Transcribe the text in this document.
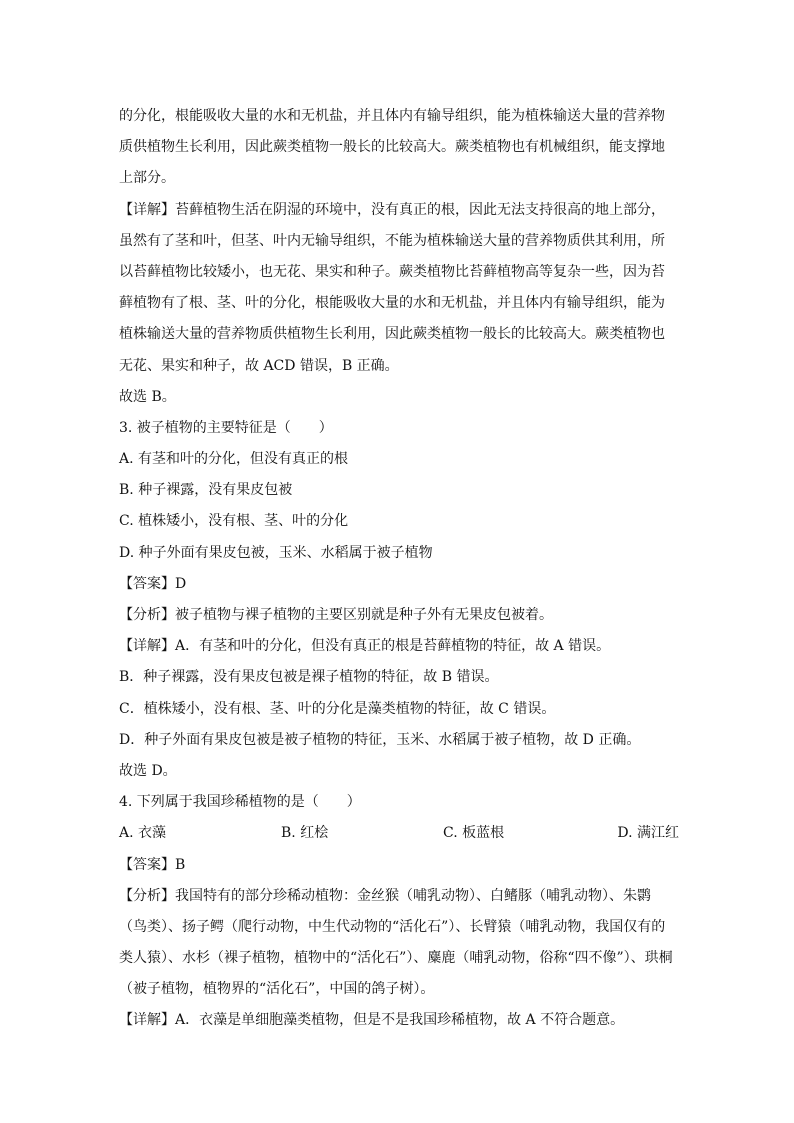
的分化，根能吸收大量的水和无机盐，并且体内有输导组织，能为植株输送大量的营养物
质供植物生长利用，因此蕨类植物一般长的比较高大。蕨类植物也有机械组织，能支撑地
上部分。
【详解】苔藓植物生活在阴湿的环境中，没有真正的根，因此无法支持很高的地上部分，
虽然有了茎和叶，但茎、叶内无输导组织，不能为植株输送大量的营养物质供其利用，所
以苔藓植物比较矮小，也无花、果实和种子。蕨类植物比苔藓植物高等复杂一些，因为苔
藓植物有了根、茎、叶的分化，根能吸收大量的水和无机盐，并且体内有输导组织，能为
植株输送大量的营养物质供植物生长利用，因此蕨类植物一般长的比较高大。蕨类植物也
无花、果实和种子，故 ACD 错误，B 正确。
故选 B。
3. 被子植物的主要特征是（　　）
A. 有茎和叶的分化，但没有真正的根
B. 种子裸露，没有果皮包被
C. 植株矮小，没有根、茎、叶的分化
D. 种子外面有果皮包被，玉米、水稻属于被子植物
【答案】D
【分析】被子植物与裸子植物的主要区别就是种子外有无果皮包被着。
【详解】A．有茎和叶的分化，但没有真正的根是苔藓植物的特征，故 A 错误。
B．种子裸露，没有果皮包被是裸子植物的特征，故 B 错误。
C．植株矮小，没有根、茎、叶的分化是藻类植物的特征，故 C 错误。
D．种子外面有果皮包被是被子植物的特征，玉米、水稻属于被子植物，故 D 正确。
故选 D。
4. 下列属于我国珍稀植物的是（　　）
A. 衣藻	B. 红桧	C. 板蓝根	D. 满江红
【答案】B
【分析】我国特有的部分珍稀动植物：金丝猴（哺乳动物）、白鳍豚（哺乳动物）、朱鹮
（鸟类）、扬子鳄（爬行动物，中生代动物的“活化石”）、长臂猿（哺乳动物，我国仅有的
类人猿）、水杉（裸子植物，植物中的“活化石”）、麋鹿（哺乳动物，俗称“四不像”）、珙桐
（被子植物，植物界的“活化石”，中国的鸽子树）。
【详解】A．衣藻是单细胞藻类植物，但是不是我国珍稀植物，故 A 不符合题意。
